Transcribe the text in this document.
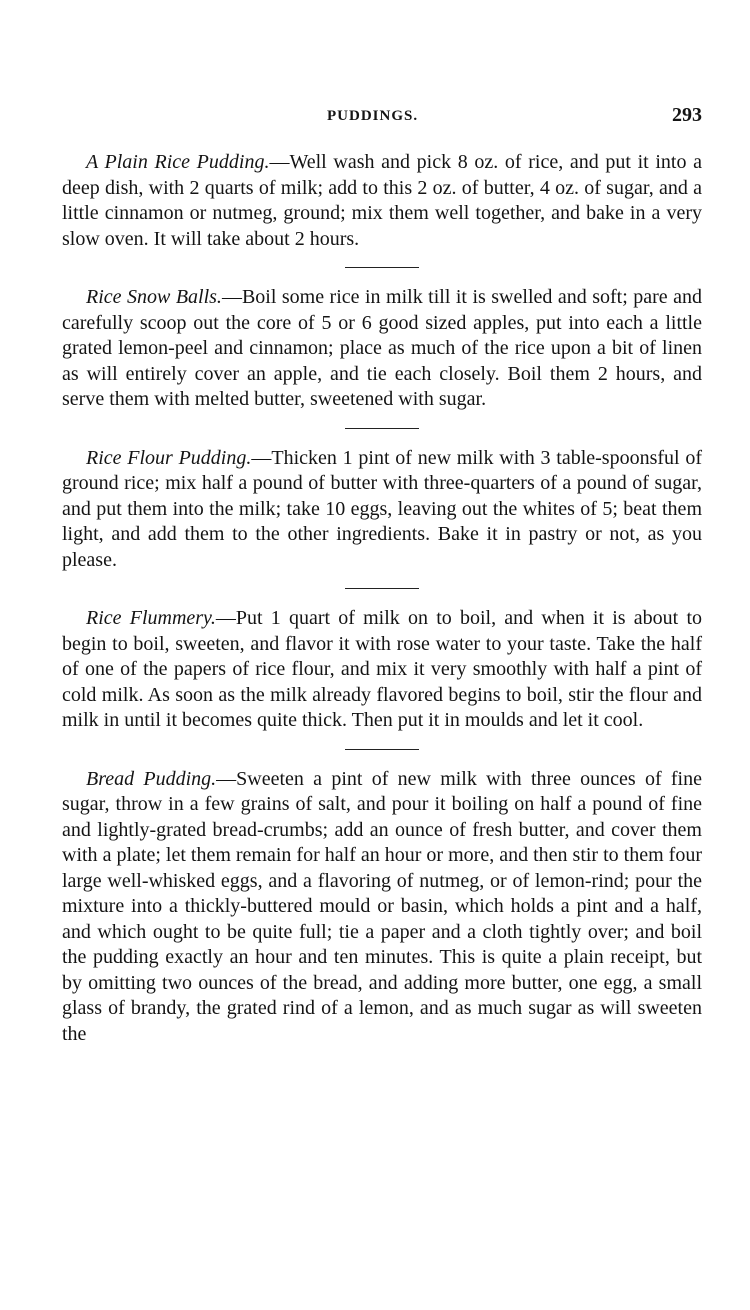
PUDDINGS.	293

A Plain Rice Pudding.—Well wash and pick 8 oz. of rice, and put it into a deep dish, with 2 quarts of milk; add to this 2 oz. of butter, 4 oz. of sugar, and a little cinnamon or nutmeg, ground; mix them well together, and bake in a very slow oven. It will take about 2 hours.

Rice Snow Balls.—Boil some rice in milk till it is swelled and soft; pare and carefully scoop out the core of 5 or 6 good sized apples, put into each a little grated lemon-peel and cinnamon; place as much of the rice upon a bit of linen as will entirely cover an apple, and tie each closely. Boil them 2 hours, and serve them with melted butter, sweetened with sugar.

Rice Flour Pudding.—Thicken 1 pint of new milk with 3 table-spoonsful of ground rice; mix half a pound of butter with three-quarters of a pound of sugar, and put them into the milk; take 10 eggs, leaving out the whites of 5; beat them light, and add them to the other ingredients. Bake it in pastry or not, as you please.

Rice Flummery.—Put 1 quart of milk on to boil, and when it is about to begin to boil, sweeten, and flavor it with rose water to your taste. Take the half of one of the papers of rice flour, and mix it very smoothly with half a pint of cold milk. As soon as the milk already flavored begins to boil, stir the flour and milk in until it becomes quite thick. Then put it in moulds and let it cool.

Bread Pudding.—Sweeten a pint of new milk with three ounces of fine sugar, throw in a few grains of salt, and pour it boiling on half a pound of fine and lightly-grated bread-crumbs; add an ounce of fresh butter, and cover them with a plate; let them remain for half an hour or more, and then stir to them four large well-whisked eggs, and a flavoring of nutmeg, or of lemon-rind; pour the mixture into a thickly-buttered mould or basin, which holds a pint and a half, and which ought to be quite full; tie a paper and a cloth tightly over; and boil the pudding exactly an hour and ten minutes. This is quite a plain receipt, but by omitting two ounces of the bread, and adding more butter, one egg, a small glass of brandy, the grated rind of a lemon, and as much sugar as will sweeten the
